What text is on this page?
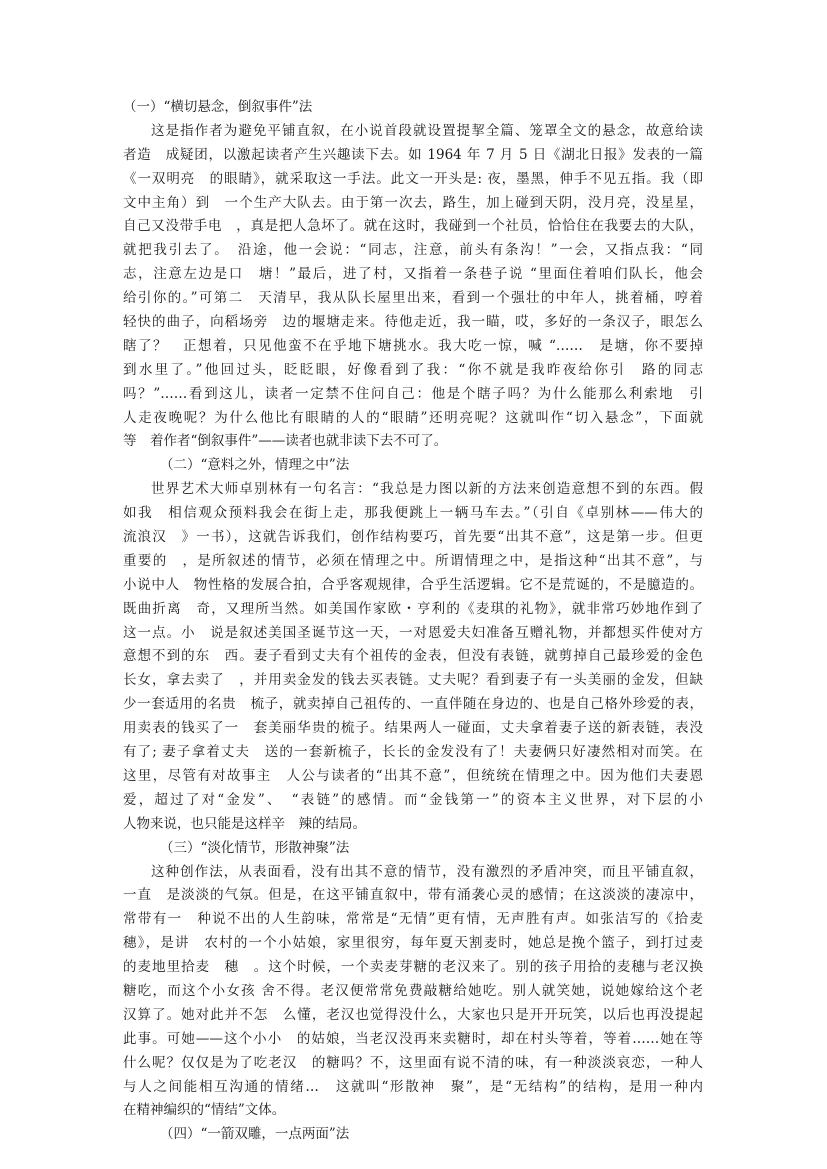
（一）“横切悬念，倒叙事件”法
这是指作者为避免平铺直叙，在小说首段就设置提挈全篇、笼罩全文的悬念，故意给读
者造　成疑团，以激起读者产生兴趣读下去。如 1964 年 7 月 5 日《湖北日报》发表的一篇
《一双明亮　的眼睛》，就采取这一手法。此文一开头是: 夜，墨黑，伸手不见五指。我（即
文中主角）到　一个生产大队去。由于第一次去，路生，加上碰到天阴，没月亮，没星星，
自己又没带手电　，真是把人急坏了。就在这时，我碰到一个社员，恰恰住在我要去的大队，
就把我引去了。　沿途，他一会说：“同志，注意，前头有条沟！”一会，又指点我：“同
志，注意左边是口　塘！”最后，进了村，又指着一条巷子说 “里面住着咱们队长，他会
给引你的。”可第二　天清早，我从队长屋里出来，看到一个强壮的中年人，挑着桶，哼着
轻快的曲子，向稻场旁　边的堰塘走来。待他走近，我一瞄，哎，多好的一条汉子，眼怎么
瞎了？　正想着，只见他蛮不在乎地下塘挑水。我大吃一惊，喊 “……　是塘，你不要掉
到水里了。”他回过头，眨眨眼，好像看到了我：“你不就是我昨夜给你引　路的同志
吗？”……看到这儿，读者一定禁不住问自己：他是个瞎子吗？为什么能那么利索地　引
人走夜晚呢？为什么他比有眼睛的人的“眼睛”还明亮呢？这就叫作“切入悬念”，下面就
等　着作者“倒叙事件”——读者也就非读下去不可了。
（二）“意料之外，情理之中”法
世界艺术大师卓别林有一句名言：“我总是力图以新的方法来创造意想不到的东西。假
如我　相信观众预料我会在街上走，那我便跳上一辆马车去。”（引自《卓别林——伟大的
流浪汉　》一书），这就告诉我们，创作结构要巧，首先要“出其不意”，这是第一步。但更
重要的　，是所叙述的情节，必须在情理之中。所谓情理之中，是指这种“出其不意”，与
小说中人　物性格的发展合拍，合乎客观规律，合乎生活逻辑。它不是荒诞的，不是臆造的。
既曲折离　奇，又理所当然。如美国作家欧・亨利的《麦琪的礼物》，就非常巧妙地作到了
这一点。小　说是叙述美国圣诞节这一天，一对恩爱夫妇准备互赠礼物，并都想买件使对方
意想不到的东　西。妻子看到丈夫有个祖传的金表，但没有表链，就剪掉自己最珍爱的金色
长女，拿去卖了　，并用卖金发的钱去买表链。丈夫呢？看到妻子有一头美丽的金发，但缺
少一套适用的名贵　梳子，就卖掉自己祖传的、一直伴随在身边的、也是自己格外珍爱的表，
用卖表的钱买了一　套美丽华贵的梳子。结果两人一碰面，丈夫拿着妻子送的新表链，表没
有了; 妻子拿着丈夫　送的一套新梳子，长长的金发没有了！夫妻俩只好凄然相对而笑。在
这里，尽管有对故事主　人公与读者的“出其不意”，但统统在情理之中。因为他们夫妻恩
爱，超过了对“金发”、　“表链”的感情。而“金钱第一”的资本主义世界，对下层的小
人物来说，也只能是这样辛　辣的结局。
（三）“淡化情节，形散神聚”法
这种创作法，从表面看，没有出其不意的情节，没有激烈的矛盾冲突，而且平铺直叙，
一直　是淡淡的气氛。但是，在这平铺直叙中，带有涌袭心灵的感情；在这淡淡的凄凉中，
常带有一　种说不出的人生韵味，常常是“无情”更有情，无声胜有声。如张洁写的《拾麦
穗》，是讲　农村的一个小姑娘，家里很穷，每年夏天割麦时，她总是挽个篮子，到打过麦
的麦地里拾麦　穗　。这个时候，一个卖麦芽糖的老汉来了。别的孩子用拾的麦穗与老汉换
糖吃，而这个小女孩 舍不得。老汉便常常免费敲糖给她吃。别人就笑她，说她嫁给这个老
汉算了。她对此并不怎　么懂，老汉也觉得没什么，大家也只是开开玩笑，以后也再没提起
此事。可她——这个小小　的姑娘，当老汉没再来卖糖时，却在村头等着，等着……她在等
什么呢？仅仅是为了吃老汉　的糖吗？不，这里面有说不清的味，有一种淡淡哀恋，一种人
与人之间能相互沟通的情绪…　这就叫“形散神　聚”，是“无结构”的结构，是用一种内
在精神编织的“情结”文体。
（四）“一箭双雕，一点两面”法
